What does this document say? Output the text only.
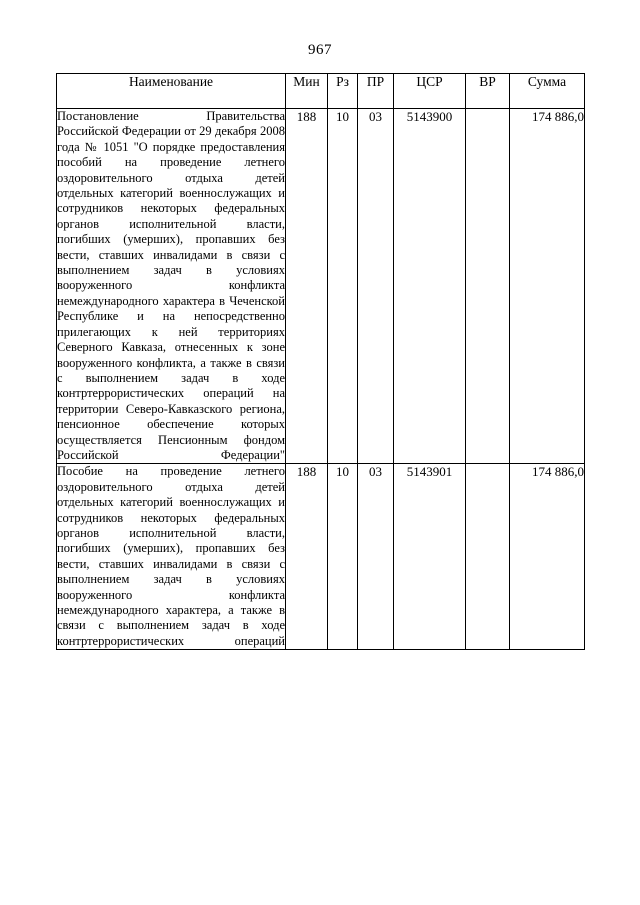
967
Наименование	Мин	Рз	ПР	ЦСР	ВР	Сумма

Постановление Правительства Российской Федерации от 29 декабря 2008 года № 1051 "О порядке предоставления пособий на проведение летнего оздоровительного отдыха детей отдельных категорий военнослужащих и сотрудников некоторых федеральных органов исполнительной власти, погибших (умерших), пропавших без вести, ставших инвалидами в связи с выполнением задач в условиях вооруженного конфликта немеждународного характера в Чеченской Республике и на непосредственно прилегающих к ней территориях Северного Кавказа, отнесенных к зоне вооруженного конфликта, а также в связи с выполнением задач в ходе контртеррористических операций на территории Северо-Кавказского региона, пенсионное обеспечение которых осуществляется Пенсионным фондом Российской Федерации"	188	10	03	5143900		174 886,0

Пособие на проведение летнего оздоровительного отдыха детей отдельных категорий военнослужащих и сотрудников некоторых федеральных органов исполнительной власти, погибших (умерших), пропавших без вести, ставших инвалидами в связи с выполнением задач в условиях вооруженного конфликта немеждународного характера, а также в связи с выполнением задач в ходе контртеррористических операций	188	10	03	5143901		174 886,0
